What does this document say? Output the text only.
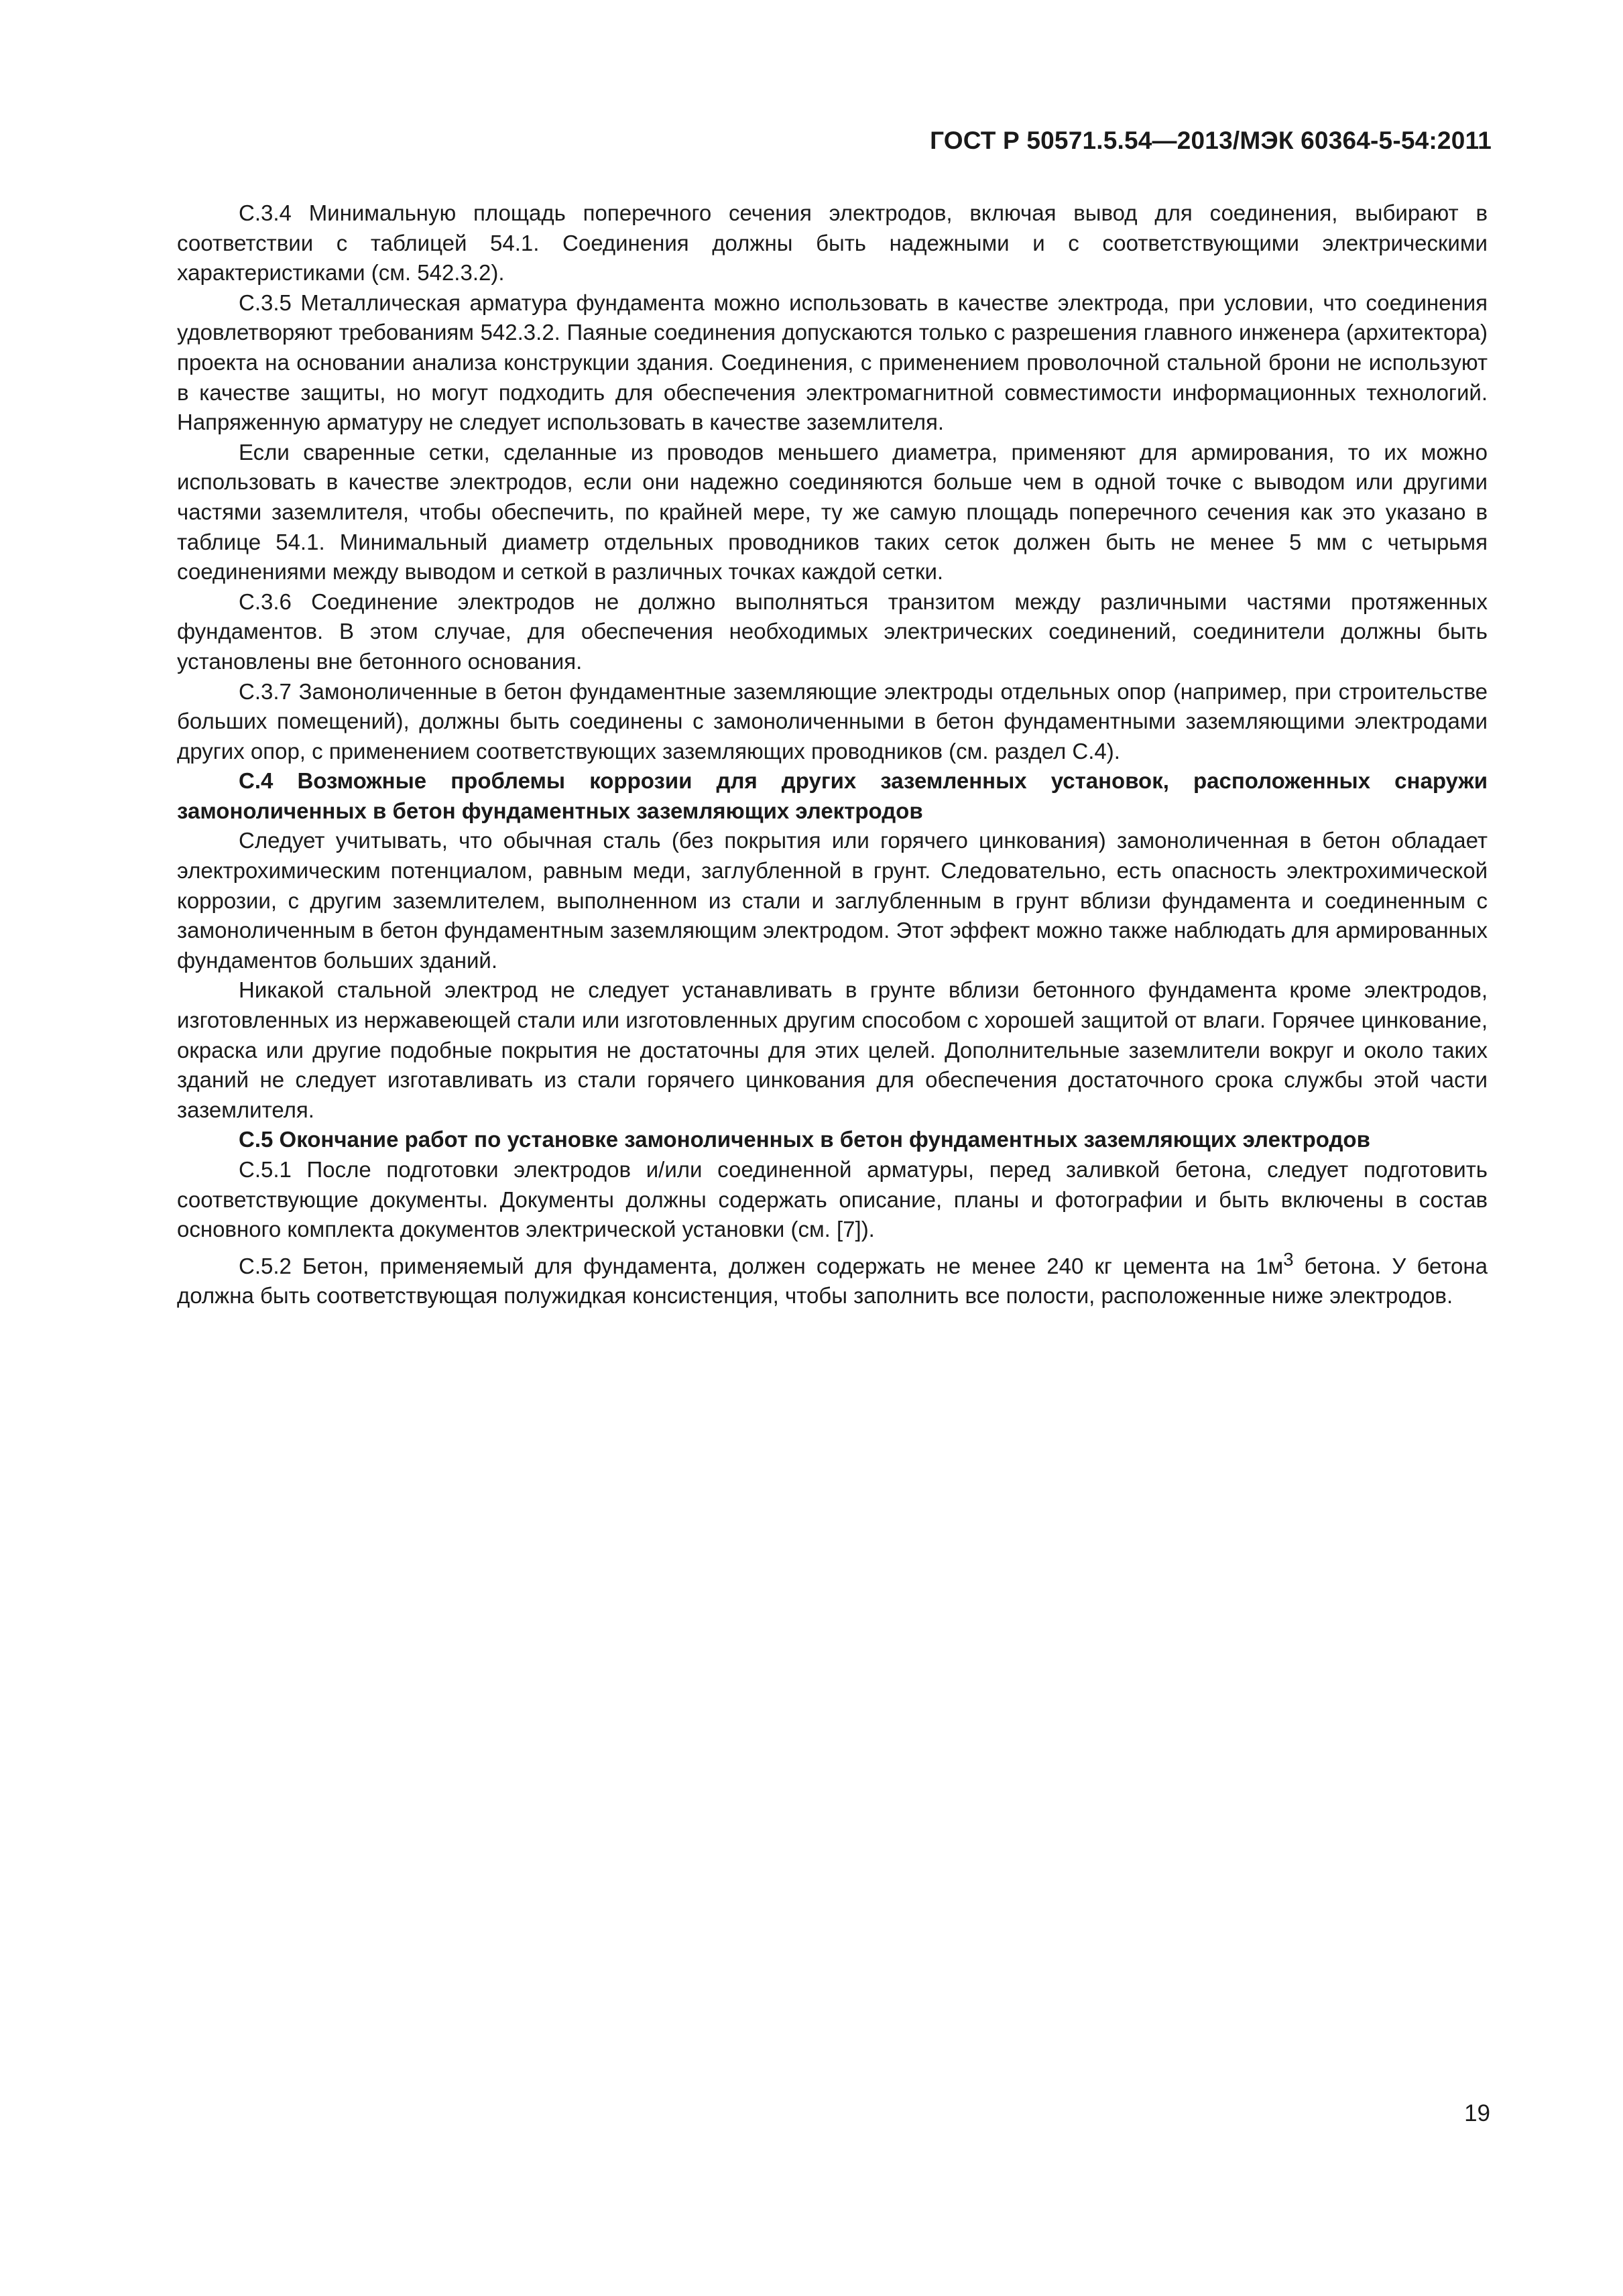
ГОСТ Р 50571.5.54—2013/МЭК 60364-5-54:2011

С.3.4 Минимальную площадь поперечного сечения электродов, включая вывод для соединения, выбирают в соответствии с таблицей 54.1. Соединения должны быть надежными и с соответствующими электрическими характеристиками (см. 542.3.2).

С.3.5 Металлическая арматура фундамента можно использовать в качестве электрода, при условии, что соединения удовлетворяют требованиям 542.3.2. Паяные соединения допускаются только с разрешения главного инженера (архитектора) проекта на основании анализа конструкции здания. Соединения, с применением проволочной стальной брони не используют в качестве защиты, но могут подходить для обеспечения электромагнитной совместимости информационных технологий. Напряженную арматуру не следует использовать в качестве заземлителя.

Если сваренные сетки, сделанные из проводов меньшего диаметра, применяют для армирования, то их можно использовать в качестве электродов, если они надежно соединяются больше чем в одной точке с выводом или другими частями заземлителя, чтобы обеспечить, по крайней мере, ту же самую площадь поперечного сечения как это указано в таблице 54.1. Минимальный диаметр отдельных проводников таких сеток должен быть не менее 5 мм с четырьмя соединениями между выводом и сеткой в различных точках каждой сетки.

С.3.6 Соединение электродов не должно выполняться транзитом между различными частями протяженных фундаментов. В этом случае, для обеспечения необходимых электрических соединений, соединители должны быть установлены вне бетонного основания.

С.3.7 Замоноличенные в бетон фундаментные заземляющие электроды отдельных опор (например, при строительстве больших помещений), должны быть соединены с замоноличенными в бетон фундаментными заземляющими электродами других опор, с применением соответствующих заземляющих проводников (см. раздел С.4).

С.4 Возможные проблемы коррозии для других заземленных установок, расположенных снаружи замоноличенных в бетон фундаментных заземляющих электродов

Следует учитывать, что обычная сталь (без покрытия или горячего цинкования) замоноличенная в бетон обладает электрохимическим потенциалом, равным меди, заглубленной в грунт. Следовательно, есть опасность электрохимической коррозии, с другим заземлителем, выполненном из стали и заглубленным в грунт вблизи фундамента и соединенным с замоноличенным в бетон фундаментным заземляющим электродом. Этот эффект можно также наблюдать для армированных фундаментов больших зданий.

Никакой стальной электрод не следует устанавливать в грунте вблизи бетонного фундамента кроме электродов, изготовленных из нержавеющей стали или изготовленных другим способом с хорошей защитой от влаги. Горячее цинкование, окраска или другие подобные покрытия не достаточны для этих целей. Дополнительные заземлители вокруг и около таких зданий не следует изготавливать из стали горячего цинкования для обеспечения достаточного срока службы этой части заземлителя.

С.5 Окончание работ по установке замоноличенных в бетон фундаментных заземляющих электродов

С.5.1 После подготовки электродов и/или соединенной арматуры, перед заливкой бетона, следует подготовить соответствующие документы. Документы должны содержать описание, планы и фотографии и быть включены в состав основного комплекта документов электрической установки (см. [7]).

С.5.2 Бетон, применяемый для фундамента, должен содержать не менее 240 кг цемента на $1м^3$ бетона. У бетона должна быть соответствующая полужидкая консистенция, чтобы заполнить все полости, расположенные ниже электродов.

19
